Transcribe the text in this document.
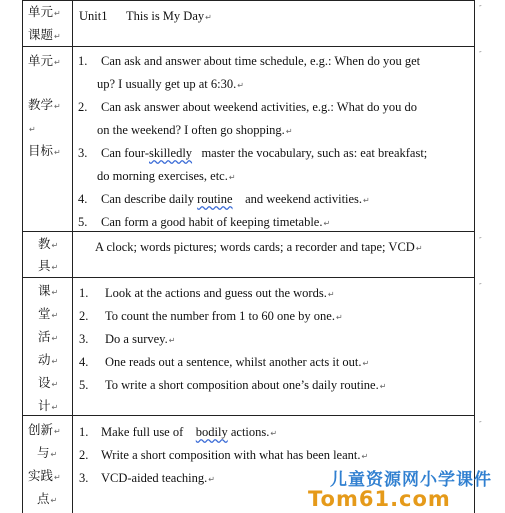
单元↵
课题↵
Unit1      This is My Day↵
单元↵
教学↵
↵
目标↵
1. Can ask and answer about time schedule, e.g.: When do you get
up? I usually get up at 6:30.↵
2. Can ask answer about weekend activities, e.g.: What do you do
on the weekend? I often go shopping.↵
3. Can four-skilledly   master the vocabulary, such as: eat breakfast;
do morning exercises, etc.↵
4. Can describe daily routine    and weekend activities.↵
5. Can form a good habit of keeping timetable.↵
教↵
具↵
A clock; words pictures; words cards; a recorder and tape; VCD↵
课↵
堂↵
活↵
动↵
设↵
计↵
1. Look at the actions and guess out the words.↵
2. To count the number from 1 to 60 one by one.↵
3. Do a survey.↵
4. One reads out a sentence, whilst another acts it out.↵
5. To write a short composition about one’s daily routine.↵
创新↵
与↵
实践↵
点↵
1. Make full use of    bodily actions.↵
2. Write a short composition with what has been leant.↵
3. VCD-aided teaching.↵
˹
˹
˹
˹
˹
儿童资源网小学课件
Tom61.com
